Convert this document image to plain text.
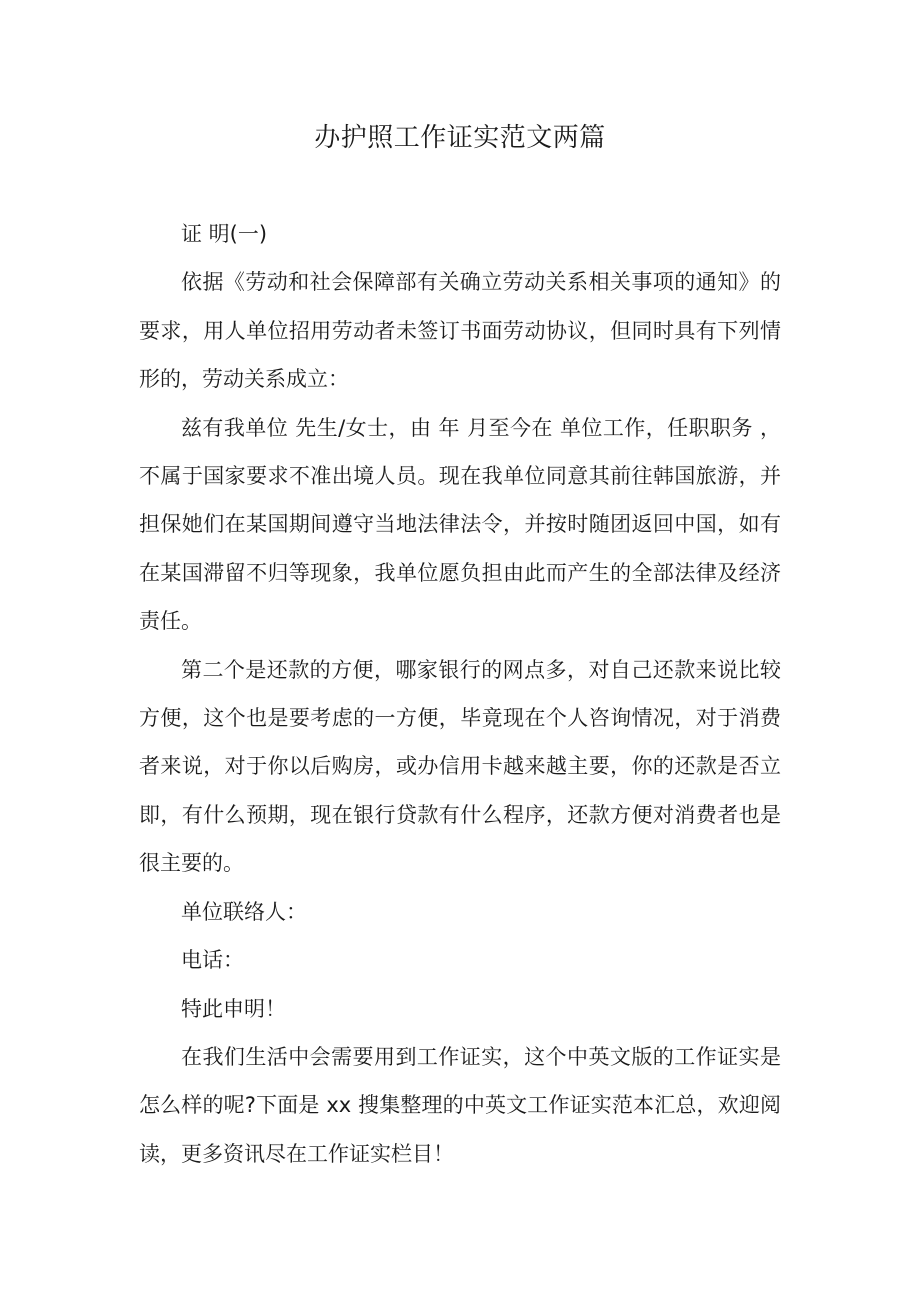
办护照工作证实范文两篇

证 明(一)

依据《劳动和社会保障部有关确立劳动关系相关事项的通知》的要求，用人单位招用劳动者未签订书面劳动协议，但同时具有下列情形的，劳动关系成立：

兹有我单位 先生/女士，由 年 月至今在 单位工作，任职职务 ，不属于国家要求不准出境人员。现在我单位同意其前往韩国旅游，并担保她们在某国期间遵守当地法律法令，并按时随团返回中国，如有在某国滞留不归等现象，我单位愿负担由此而产生的全部法律及经济责任。

第二个是还款的方便，哪家银行的网点多，对自己还款来说比较方便，这个也是要考虑的一方便，毕竟现在个人咨询情况，对于消费者来说，对于你以后购房，或办信用卡越来越主要，你的还款是否立即，有什么预期，现在银行贷款有什么程序，还款方便对消费者也是很主要的。

单位联络人：

电话：

特此申明！

在我们生活中会需要用到工作证实，这个中英文版的工作证实是怎么样的呢?下面是 xx 搜集整理的中英文工作证实范本汇总，欢迎阅读，更多资讯尽在工作证实栏目！
